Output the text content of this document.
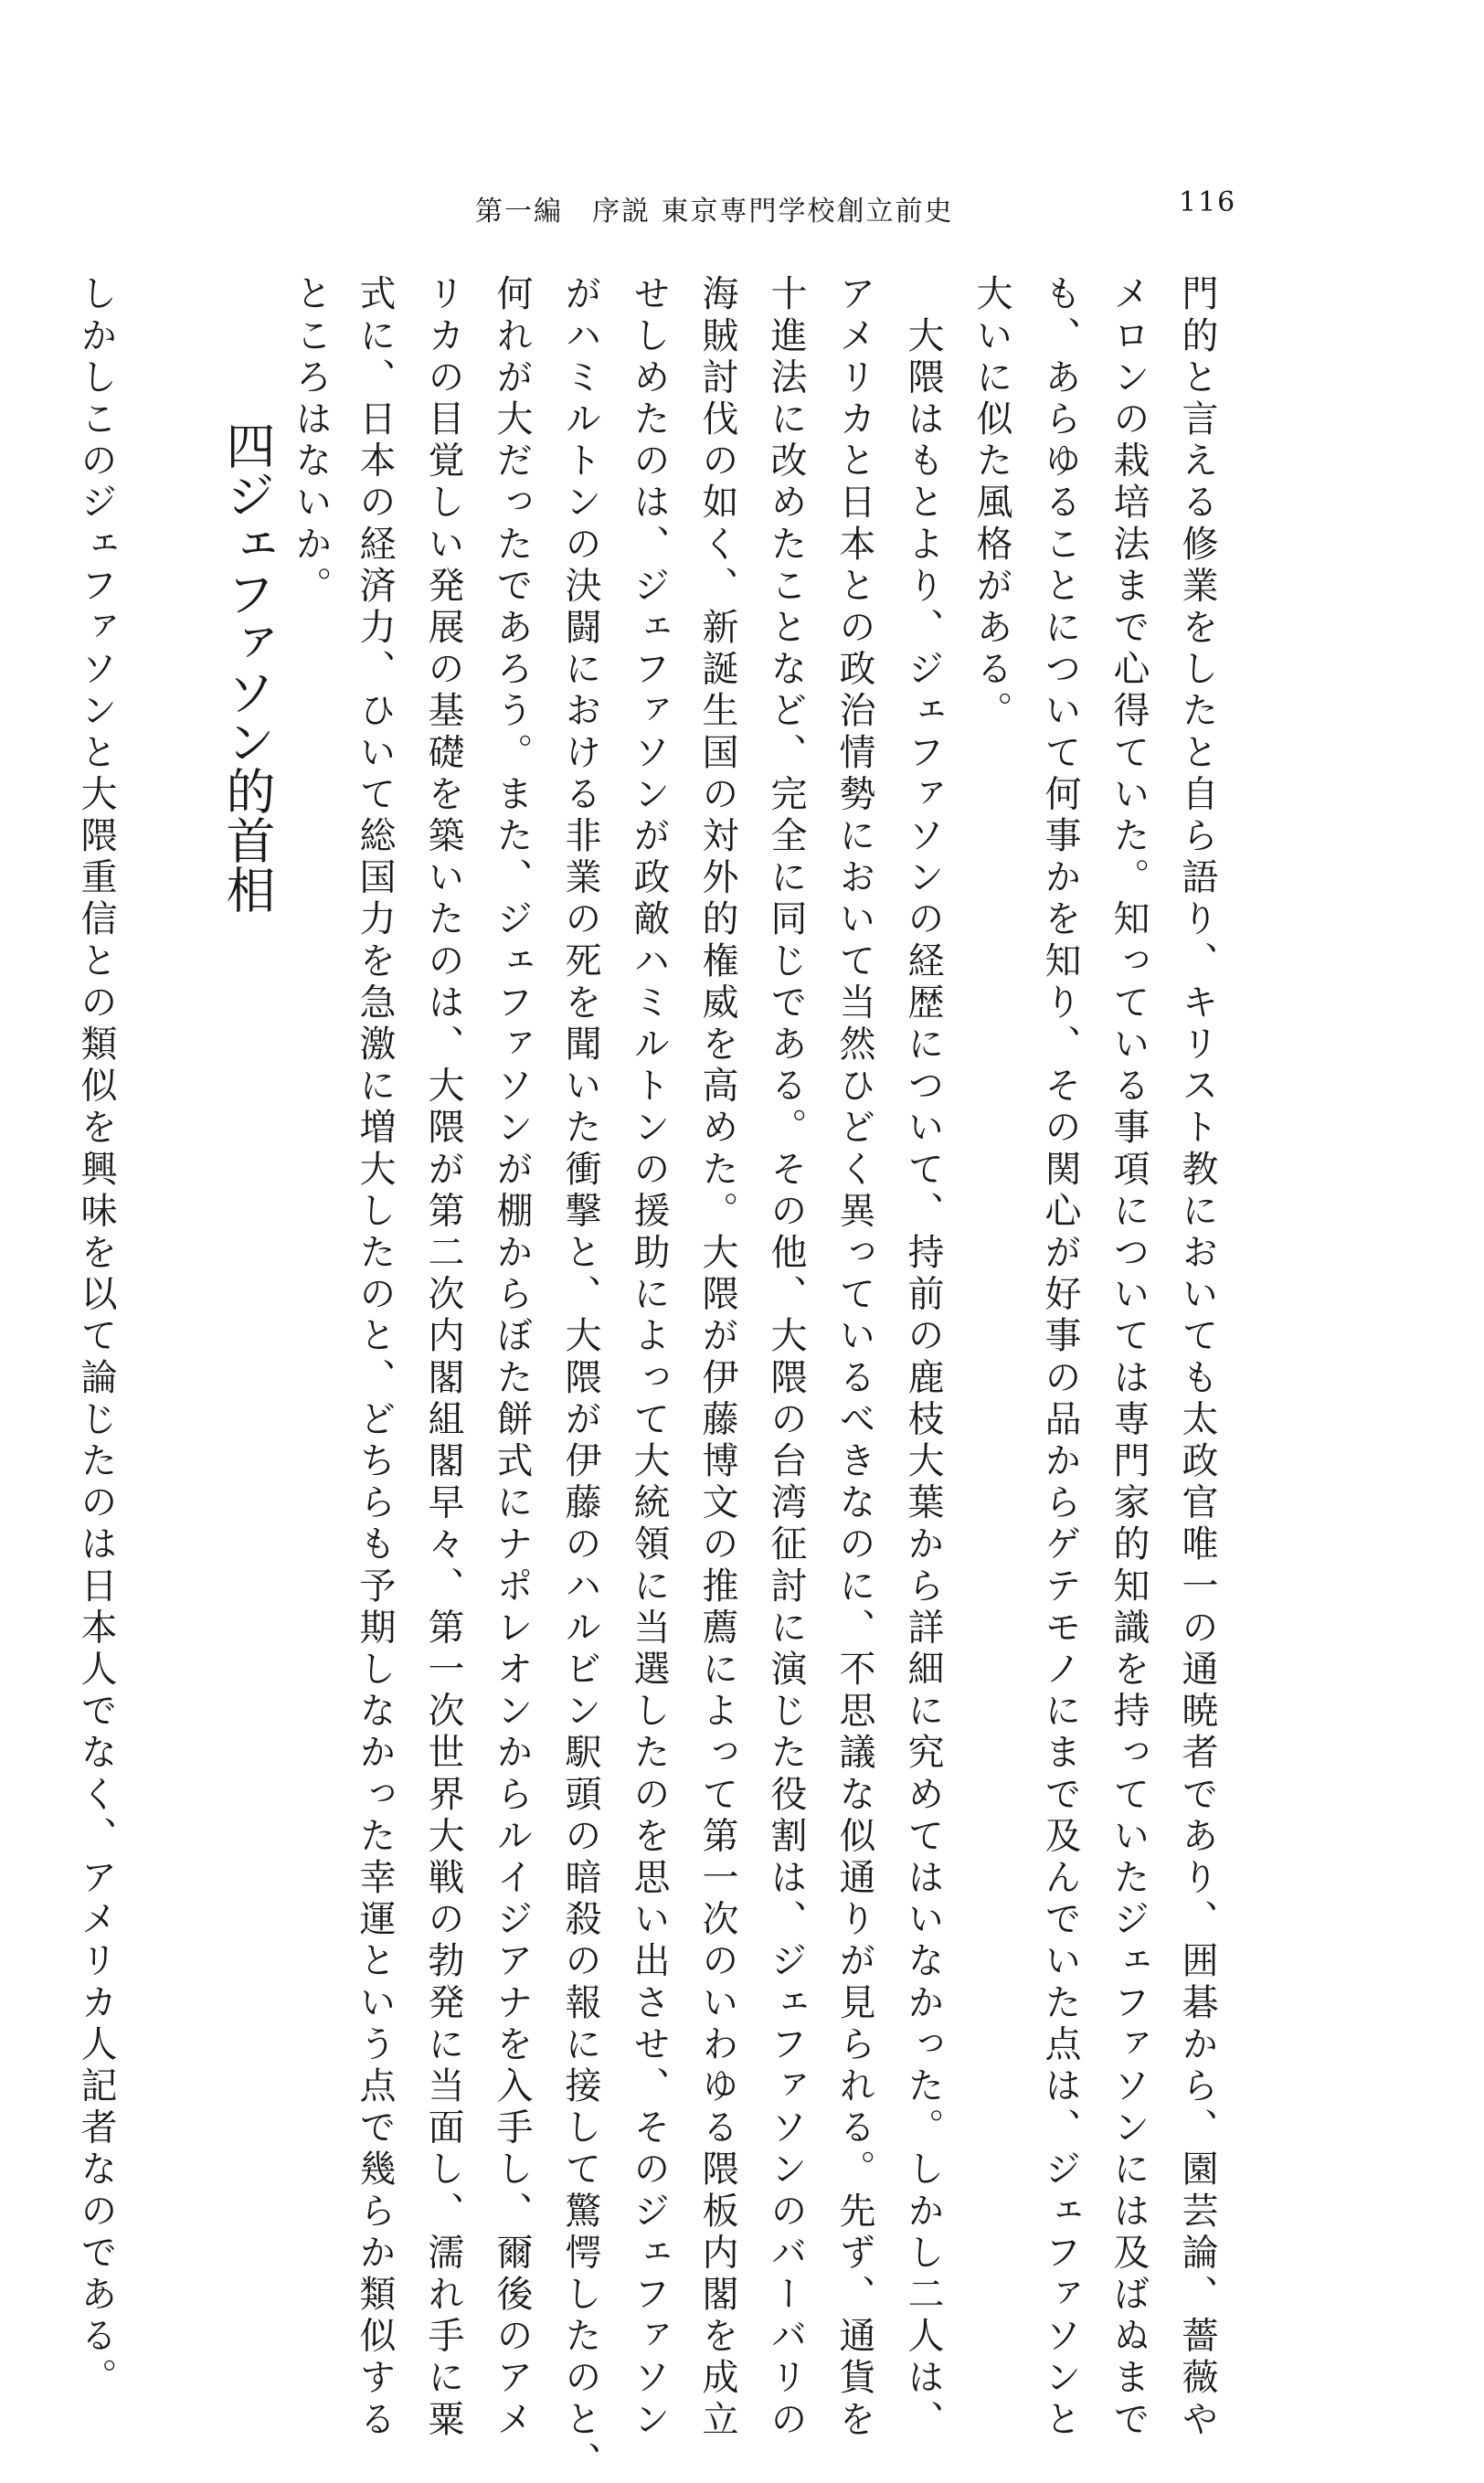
第一編　序説 東京専門学校創立前史	116
門的と言える修業をしたと自ら語り、キリスト教においても太政官唯一の通暁者であり、囲碁から、園芸論、薔薇や
メロンの栽培法まで心得ていた。知っている事項については専門家的知識を持っていたジェファソンには及ばぬまで
も、あらゆることについて何事かを知り、その関心が好事の品からゲテモノにまで及んでいた点は、ジェファソンと
大いに似た風格がある。
　大隈はもとより、ジェファソンの経歴について、持前の鹿枝大葉から詳細に究めてはいなかった。しかし二人は、
アメリカと日本との政治情勢において当然ひどく異っているべきなのに、不思議な似通りが見られる。先ず、通貨を
十進法に改めたことなど、完全に同じである。その他、大隈の台湾征討に演じた役割は、ジェファソンのバーバリの
海賊討伐の如く、新誕生国の対外的権威を高めた。大隈が伊藤博文の推薦によって第一次のいわゆる隈板内閣を成立
せしめたのは、ジェファソンが政敵ハミルトンの援助によって大統領に当選したのを思い出させ、そのジェファソン
がハミルトンの決闘における非業の死を聞いた衝撃と、大隈が伊藤のハルビン駅頭の暗殺の報に接して驚愕したのと、
何れが大だったであろう。また、ジェファソンが棚からぼた餅式にナポレオンからルイジアナを入手し、爾後のアメ
リカの目覚しい発展の基礎を築いたのは、大隈が第二次内閣組閣早々、第一次世界大戦の勃発に当面し、濡れ手に粟
式に、日本の経済力、ひいて総国力を急激に増大したのと、どちらも予期しなかった幸運という点で幾らか類似する
ところはないか。
四ジェファソン的首相
しかしこのジェファソンと大隈重信との類似を興味を以て論じたのは日本人でなく、アメリカ人記者なのである。
